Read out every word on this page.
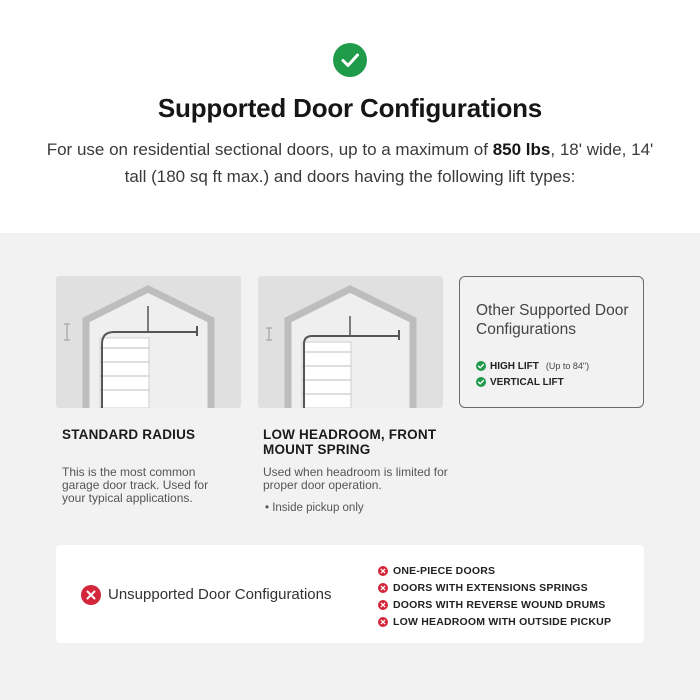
Supported Door Configurations
For use on residential sectional doors, up to a maximum of 850 lbs, 18' wide, 14' tall (180 sq ft max.) and doors having the following lift types:
Other Supported Door Configurations
HIGH LIFT (Up to 84")
VERTICAL LIFT
STANDARD RADIUS
This is the most common garage door track. Used for your typical applications.
LOW HEADROOM, FRONT MOUNT SPRING
Used when headroom is limited for proper door operation.
• Inside pickup only
Unsupported Door Configurations
ONE-PIECE DOORS
DOORS WITH EXTENSIONS SPRINGS
DOORS WITH REVERSE WOUND DRUMS
LOW HEADROOM WITH OUTSIDE PICKUP
